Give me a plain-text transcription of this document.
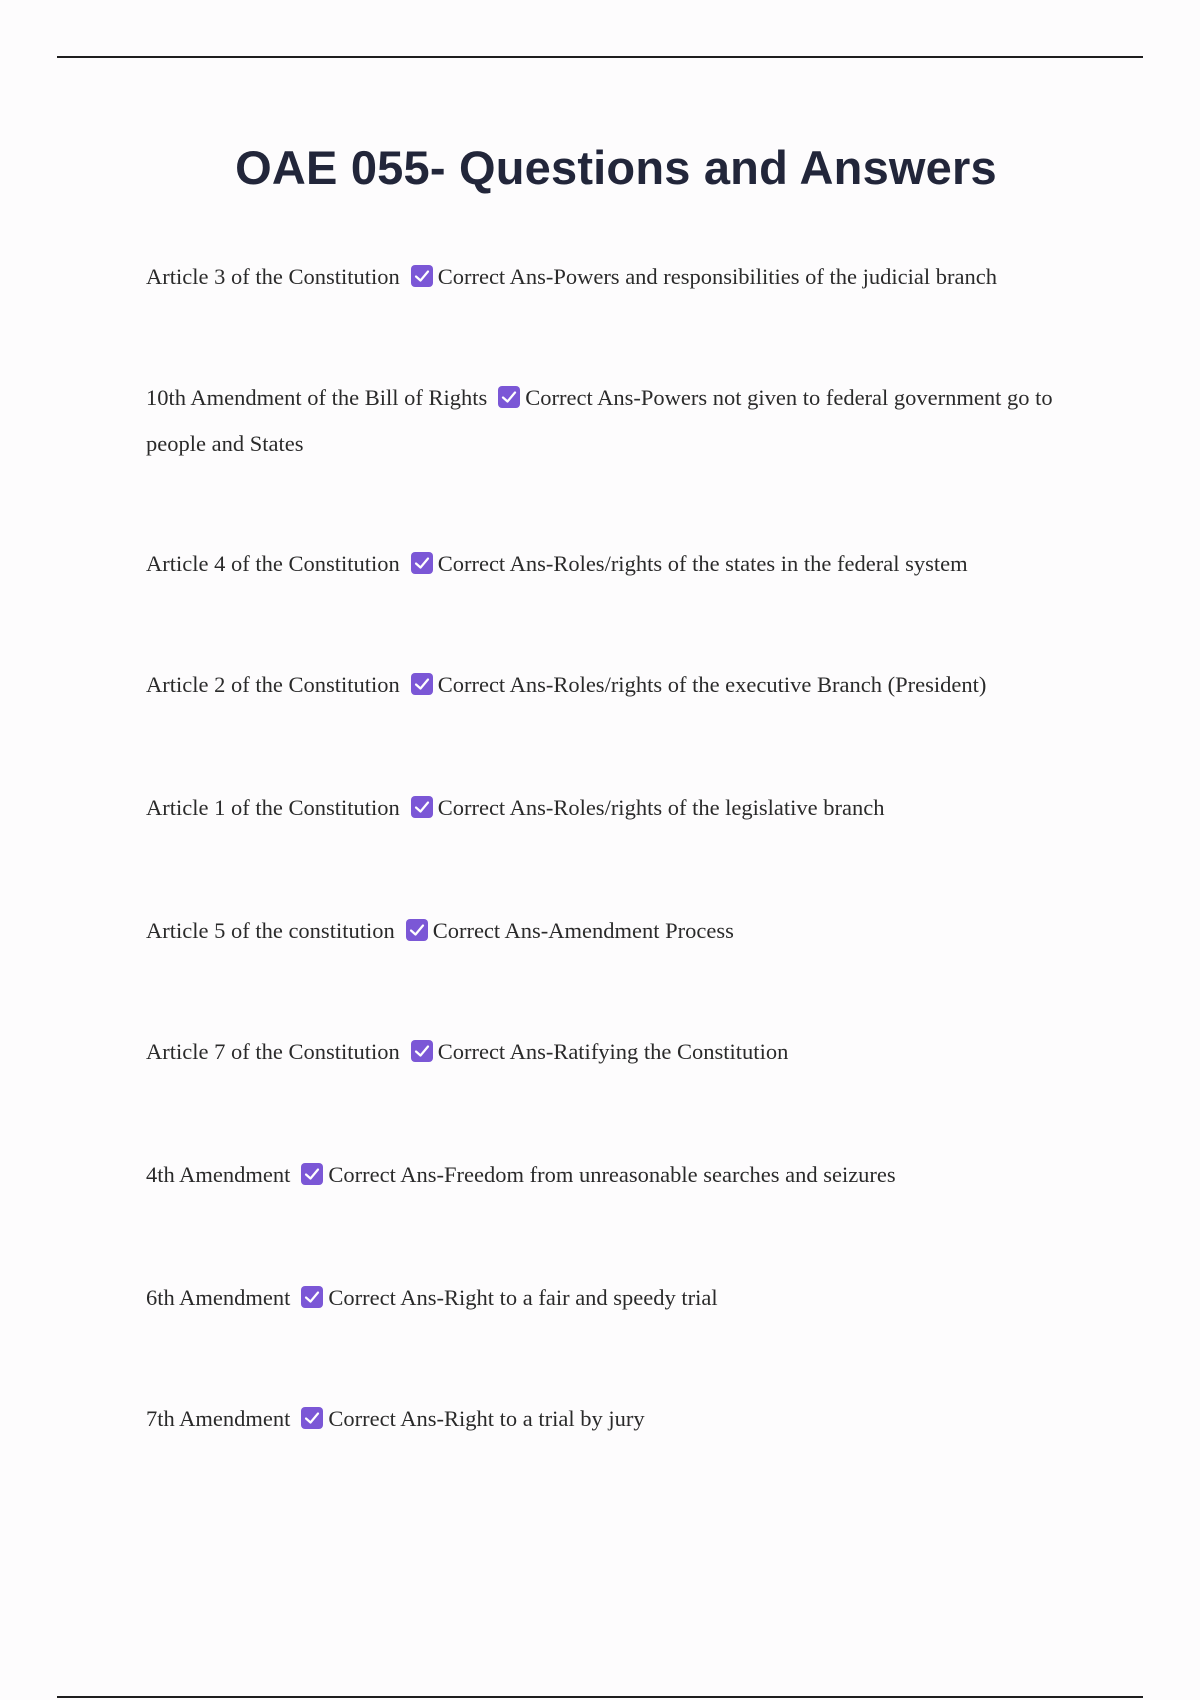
OAE 055- Questions and Answers
Article 3 of the Constitution Correct Ans-Powers and responsibilities of the judicial branch
10th Amendment of the Bill of Rights Correct Ans-Powers not given to federal government go to people and States
Article 4 of the Constitution Correct Ans-Roles/rights of the states in the federal system
Article 2 of the Constitution Correct Ans-Roles/rights of the executive Branch (President)
Article 1 of the Constitution Correct Ans-Roles/rights of the legislative branch
Article 5 of the constitution Correct Ans-Amendment Process
Article 7 of the Constitution Correct Ans-Ratifying the Constitution
4th Amendment Correct Ans-Freedom from unreasonable searches and seizures
6th Amendment Correct Ans-Right to a fair and speedy trial
7th Amendment Correct Ans-Right to a trial by jury
